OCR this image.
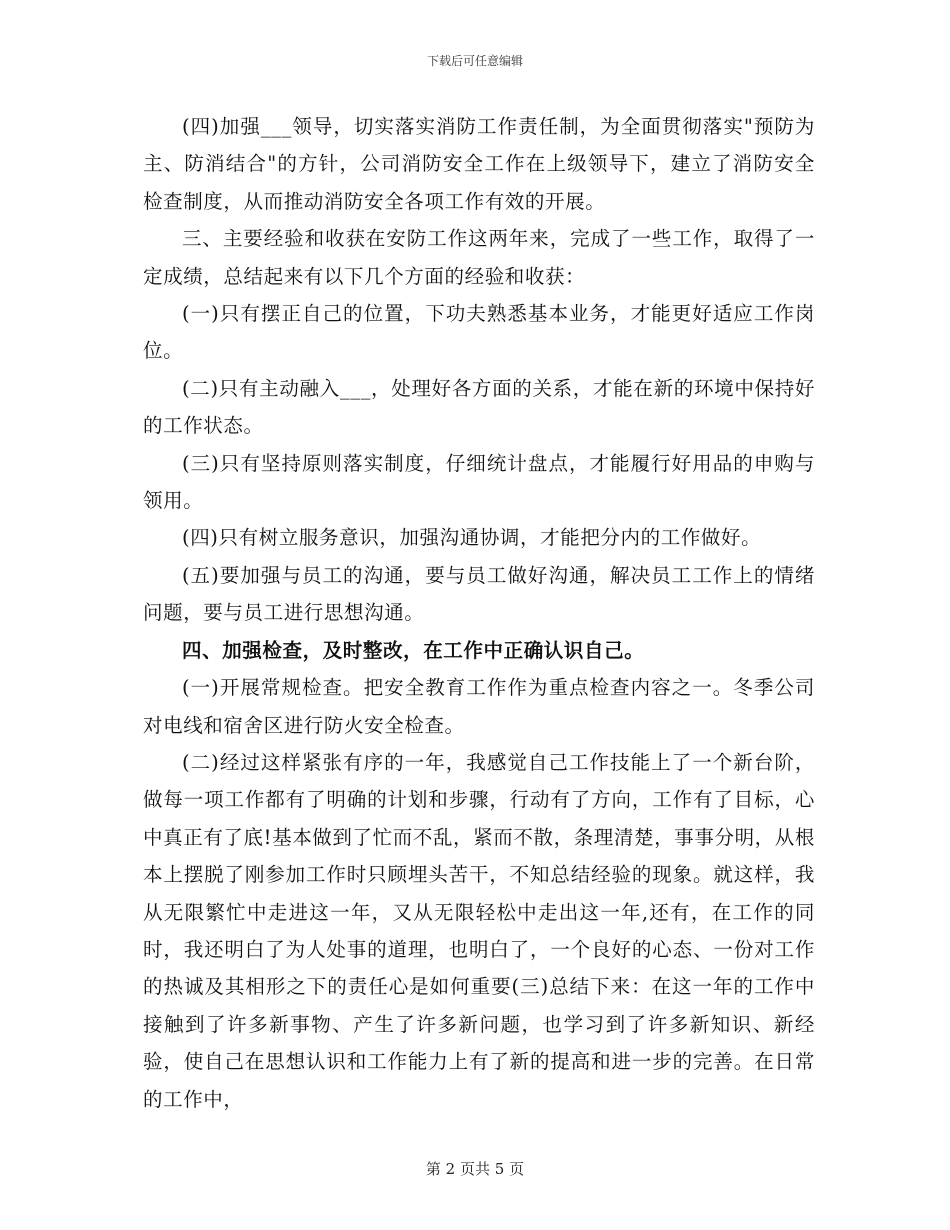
下载后可任意编辑

(四)加强___领导，切实落实消防工作责任制，为全面贯彻落实"预防为主、防消结合"的方针，公司消防安全工作在上级领导下，建立了消防安全检查制度，从而推动消防安全各项工作有效的开展。

三、主要经验和收获在安防工作这两年来，完成了一些工作，取得了一定成绩，总结起来有以下几个方面的经验和收获：

(一)只有摆正自己的位置，下功夫熟悉基本业务，才能更好适应工作岗位。

(二)只有主动融入___，处理好各方面的关系，才能在新的环境中保持好的工作状态。

(三)只有坚持原则落实制度，仔细统计盘点，才能履行好用品的申购与领用。

(四)只有树立服务意识，加强沟通协调，才能把分内的工作做好。

(五)要加强与员工的沟通，要与员工做好沟通，解决员工工作上的情绪问题，要与员工进行思想沟通。

四、加强检查，及时整改，在工作中正确认识自己。

(一)开展常规检查。把安全教育工作作为重点检查内容之一。冬季公司对电线和宿舍区进行防火安全检查。

(二)经过这样紧张有序的一年，我感觉自己工作技能上了一个新台阶，做每一项工作都有了明确的计划和步骤，行动有了方向，工作有了目标，心中真正有了底!基本做到了忙而不乱，紧而不散，条理清楚，事事分明，从根本上摆脱了刚参加工作时只顾埋头苦干，不知总结经验的现象。就这样，我从无限繁忙中走进这一年，又从无限轻松中走出这一年,还有，在工作的同时，我还明白了为人处事的道理，也明白了，一个良好的心态、一份对工作的热诚及其相形之下的责任心是如何重要(三)总结下来：在这一年的工作中接触到了许多新事物、产生了许多新问题，也学习到了许多新知识、新经验，使自己在思想认识和工作能力上有了新的提高和进一步的完善。在日常的工作中，

第 2 页共 5 页
